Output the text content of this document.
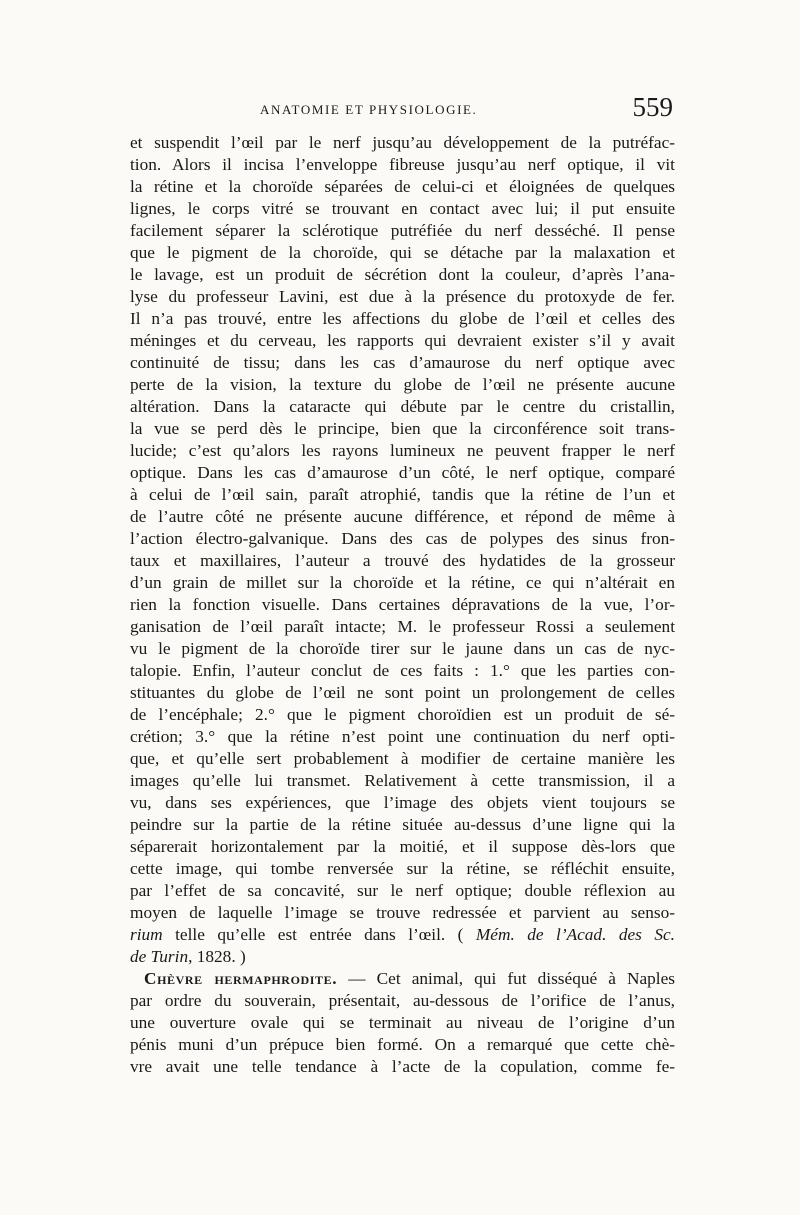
ANATOMIE ET PHYSIOLOGIE.	559
et suspendit l’œil par le nerf jusqu’au développement de la putréfac-
tion. Alors il incisa l’enveloppe fibreuse jusqu’au nerf optique, il vit
la rétine et la choroïde séparées de celui-ci et éloignées de quelques
lignes, le corps vitré se trouvant en contact avec lui; il put ensuite
facilement séparer la sclérotique putréfiée du nerf desséché. Il pense
que le pigment de la choroïde, qui se détache par la malaxation et
le lavage, est un produit de sécrétion dont la couleur, d’après l’ana-
lyse du professeur Lavini, est due à la présence du protoxyde de fer.
Il n’a pas trouvé, entre les affections du globe de l’œil et celles des
méninges et du cerveau, les rapports qui devraient exister s’il y avait
continuité de tissu; dans les cas d’amaurose du nerf optique avec
perte de la vision, la texture du globe de l’œil ne présente aucune
altération. Dans la cataracte qui débute par le centre du cristallin,
la vue se perd dès le principe, bien que la circonférence soit trans-
lucide; c’est qu’alors les rayons lumineux ne peuvent frapper le nerf
optique. Dans les cas d’amaurose d’un côté, le nerf optique, comparé
à celui de l’œil sain, paraît atrophié, tandis que la rétine de l’un et
de l’autre côté ne présente aucune différence, et répond de même à
l’action électro-galvanique. Dans des cas de polypes des sinus fron-
taux et maxillaires, l’auteur a trouvé des hydatides de la grosseur
d’un grain de millet sur la choroïde et la rétine, ce qui n’altérait en
rien la fonction visuelle. Dans certaines dépravations de la vue, l’or-
ganisation de l’œil paraît intacte; M. le professeur Rossi a seulement
vu le pigment de la choroïde tirer sur le jaune dans un cas de nyc-
talopie. Enfin, l’auteur conclut de ces faits : 1.° que les parties con-
stituantes du globe de l’œil ne sont point un prolongement de celles
de l’encéphale; 2.° que le pigment choroïdien est un produit de sé-
crétion; 3.° que la rétine n’est point une continuation du nerf opti-
que, et qu’elle sert probablement à modifier de certaine manière les
images qu’elle lui transmet. Relativement à cette transmission, il a
vu, dans ses expériences, que l’image des objets vient toujours se
peindre sur la partie de la rétine située au-dessus d’une ligne qui la
séparerait horizontalement par la moitié, et il suppose dès-lors que
cette image, qui tombe renversée sur la rétine, se réfléchit ensuite,
par l’effet de sa concavité, sur le nerf optique; double réflexion au
moyen de laquelle l’image se trouve redressée et parvient au senso-
rium telle qu’elle est entrée dans l’œil. ( Mém. de l’Acad. des Sc.
de Turin, 1828. )
Chèvre hermaphrodite. — Cet animal, qui fut disséqué à Naples
par ordre du souverain, présentait, au-dessous de l’orifice de l’anus,
une ouverture ovale qui se terminait au niveau de l’origine d’un
pénis muni d’un prépuce bien formé. On a remarqué que cette chè-
vre avait une telle tendance à l’acte de la copulation, comme fe-
